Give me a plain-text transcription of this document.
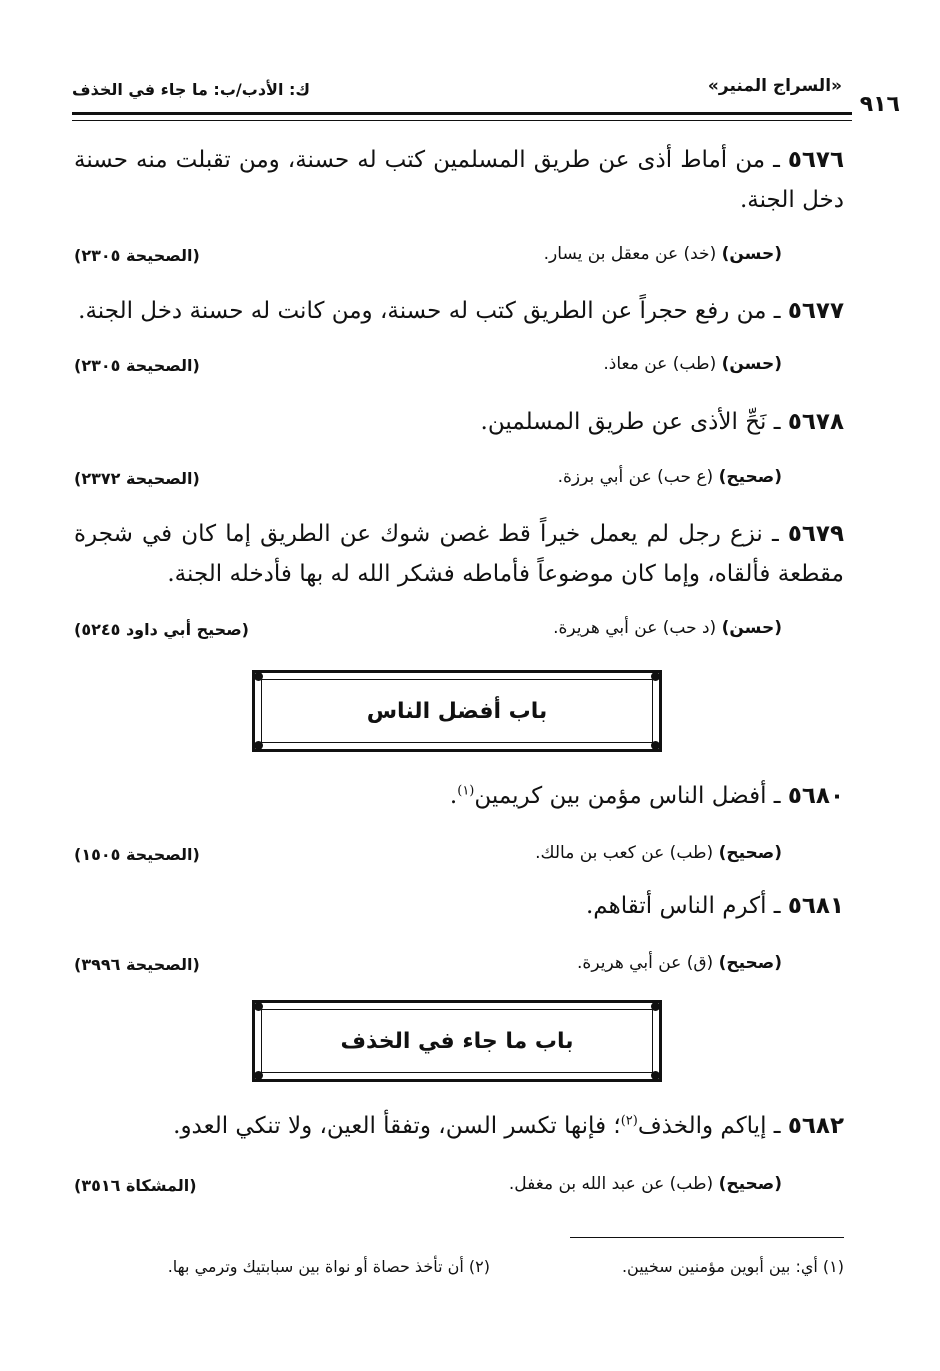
«السراج المنير»
ك: الأدب/ب: ما جاء في الخذف
٩١٦
٥٦٧٦ ـ من أماط أذى عن طريق المسلمين كتب له حسنة، ومن تقبلت منه حسنة دخل الجنة.
(حسن) (خد) عن معقل بن يسار.
(الصحيحة ٢٣٠٥)
٥٦٧٧ ـ من رفع حجراً عن الطريق كتب له حسنة، ومن كانت له حسنة دخل الجنة.
(حسن) (طب) عن معاذ.
(الصحيحة ٢٣٠٥)
٥٦٧٨ ـ نَحِّ الأذى عن طريق المسلمين.
(صحيح) (ع حب) عن أبي برزة.
(الصحيحة ٢٣٧٢)
٥٦٧٩ ـ نزع رجل لم يعمل خيراً قط غصن شوك عن الطريق إما كان في شجرة مقطعة فألقاه، وإما كان موضوعاً فأماطه فشكر الله له بها فأدخله الجنة.
(حسن) (د حب) عن أبي هريرة.
(صحيح أبي داود ٥٢٤٥)
باب أفضل الناس
٥٦٨٠ ـ أفضل الناس مؤمن بين كريمين$^{(١)}$.
(صحيح) (طب) عن كعب بن مالك.
(الصحيحة ١٥٠٥)
٥٦٨١ ـ أكرم الناس أتقاهم.
(صحيح) (ق) عن أبي هريرة.
(الصحيحة ٣٩٩٦)
باب ما جاء في الخذف
٥٦٨٢ ـ إياكم والخذف$^{(٢)}$؛ فإنها تكسر السن، وتفقأ العين، ولا تنكي العدو.
(صحيح) (طب) عن عبد الله بن مغفل.
(المشكاة ٣٥١٦)
(١) أي: بين أبوين مؤمنين سخيين.
(٢) أن تأخذ حصاة أو نواة بين سبابتيك وترمي بها.
